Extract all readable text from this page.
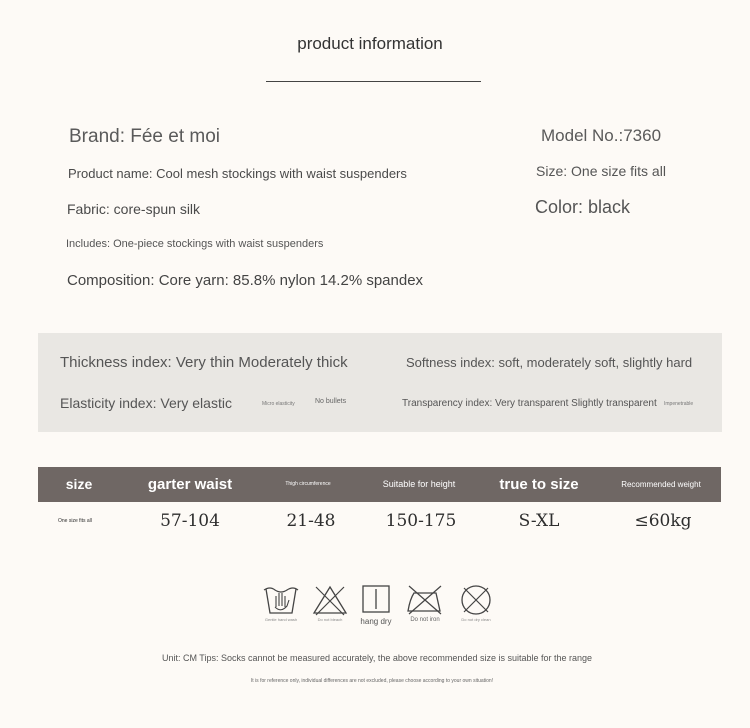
product information
Brand: Fée et moi	Model No.:7360
Product name: Cool mesh stockings with waist suspenders	Size: One size fits all
Fabric: core-spun silk	Color: black
Includes: One-piece stockings with waist suspenders
Composition: Core yarn: 85.8% nylon 14.2% spandex
Thickness index: Very thin Moderately thick	Softness index: soft, moderately soft, slightly hard
Elasticity index: Very elastic	Micro elasticity	No bullets	Transparency index: Very transparent Slightly transparent Impenetrable
size	garter waist	Thigh circumference	Suitable for height	true to size	Recommended weight
One size fits all	57-104	21-48	150-175	S-XL	≤60kg
Gentle hand wash	Do not bleach	hang dry	Do not iron	Do not dry clean
Unit: CM Tips: Socks cannot be measured accurately, the above recommended size is suitable for the range
It is for reference only, individual differences are not excluded, please choose according to your own situation!
